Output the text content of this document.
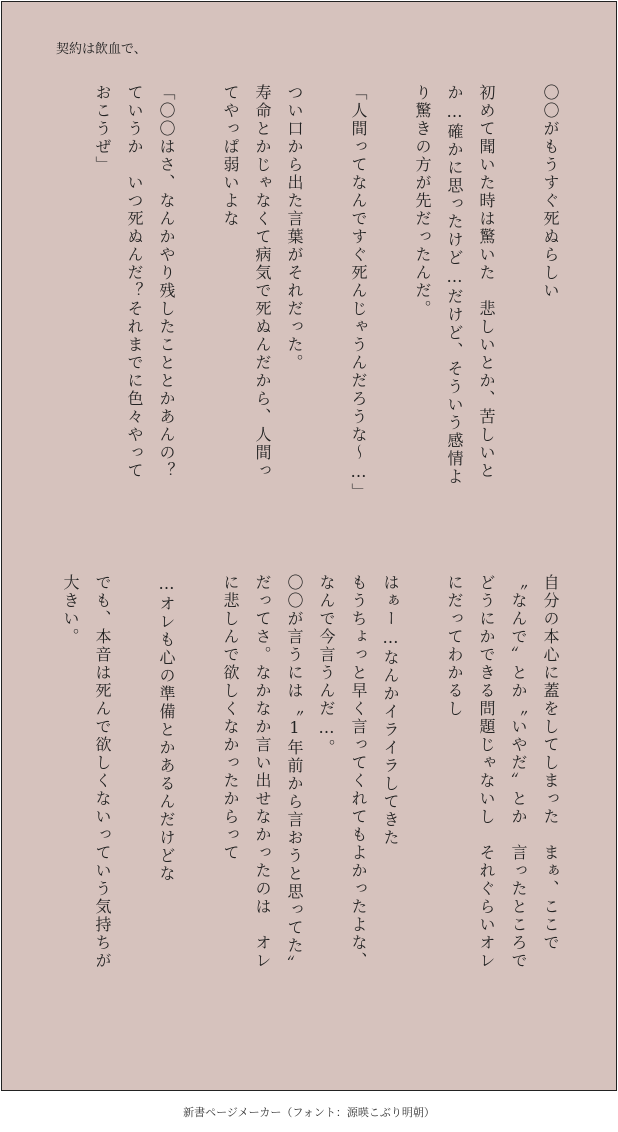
契約は飲血で、
〇〇がもうすぐ死ぬらしい

初めて聞いた時は驚いた　悲しいとか、苦しいと
か…確かに思ったけど…だけど、そういう感情よ
り驚きの方が先だったんだ。

「人間ってなんですぐ死んじゃうんだろうな〜…」

つい口から出た言葉がそれだった。
寿命とかじゃなくて病気で死ぬんだから、人間っ
てやっぱ弱いよな

「〇〇はさ、なんかやり残したこととかあんの？
ていうか　いつ死ぬんだ？それまでに色々やって
おこうぜ」
自分の本心に蓋をしてしまった　まぁ、ここで
〝なんで〟とか〝いやだ〟とか　言ったところで
どうにかできる問題じゃないし　それぐらいオレ
にだってわかるし

はぁー…なんかイライラしてきた
もうちょっと早く言ってくれてもよかったよな、
なんで今言うんだ…。
〇〇が言うには〝1年前から言おうと思ってた〟
だってさ。なかなか言い出せなかったのは　オレ
に悲しんで欲しくなかったからって

…オレも心の準備とかあるんだけどな

でも、本音は死んで欲しくないっていう気持ちが
大きい。
新書ページメーカー（フォント：源暎こぶり明朝）
